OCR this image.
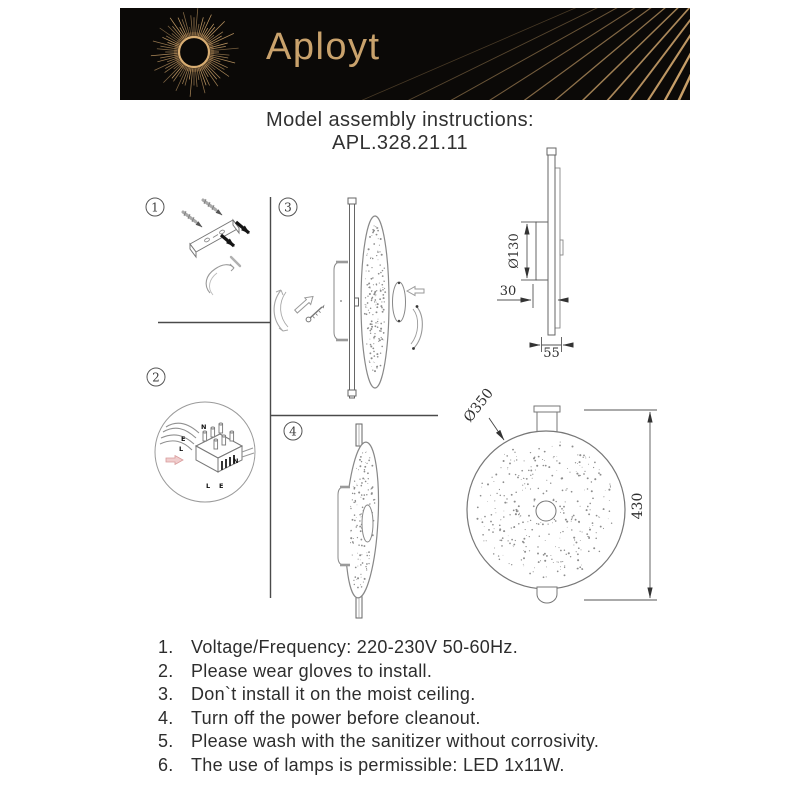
Aployt
Model assembly instructions:
APL.328.21.11
1
2
N
E
L
L E
N
3
4
Ø130
30
55
Ø350
430
1. Voltage/Frequency: 220-230V 50-60Hz.
2. Please wear gloves to install.
3. Don`t install it on the moist ceiling.
4. Turn off the power before cleanout.
5. Please wash with the sanitizer without corrosivity.
6. The use of lamps is permissible: LED 1x11W.
